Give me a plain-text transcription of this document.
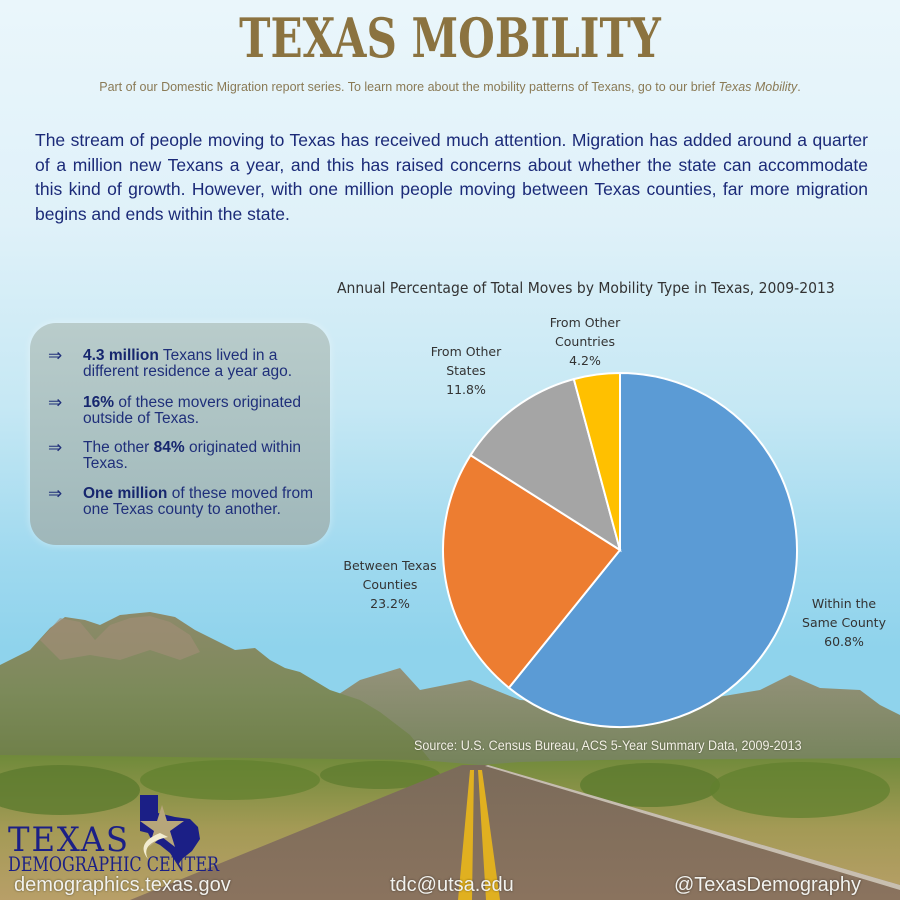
TEXAS MOBILITY
Part of our Domestic Migration report series. To learn more about the mobility patterns of Texans, go to our brief Texas Mobility.
The stream of people moving to Texas has received much attention. Migration has added around a quarter of a million new Texans a year, and this has raised concerns about whether the state can accommodate this kind of growth. However, with one million people moving between Texas counties, far more migration begins and ends within the state.
⇒ 4.3 million Texans lived in a different residence a year ago.
⇒ 16% of these movers originated outside of Texas.
⇒ The other 84% originated within Texas.
⇒ One million of these moved from one Texas county to another.
Annual Percentage of Total Moves by Mobility Type in Texas, 2009-2013
Within the
Same County
60.8%
Between Texas
Counties
23.2%
From Other
States
11.8%
From Other
Countries
4.2%
Source: U.S. Census Bureau, ACS 5-Year Summary Data, 2009-2013
TEXAS
DEMOGRAPHIC CENTER
demographics.texas.gov	tdc@utsa.edu	@TexasDemography
